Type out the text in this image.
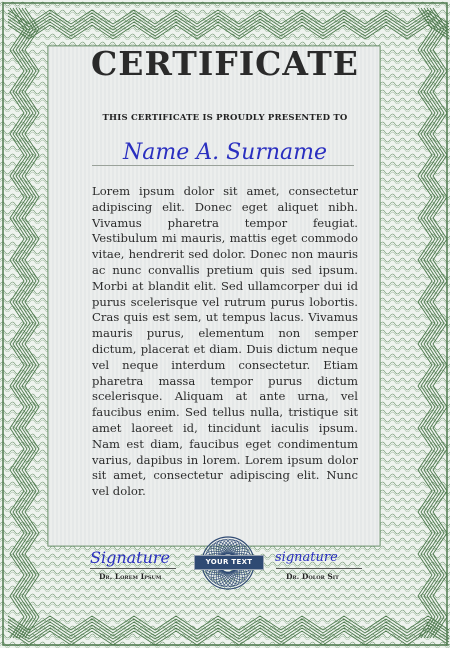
CERTIFICATE
THIS CERTIFICATE IS PROUDLY PRESENTED TO
Name A. Surname
Lorem ipsum dolor sit amet, consectetur adipiscing elit. Donec eget aliquet nibh. Vivamus pharetra tempor feugiat. Vestibulum mi mauris, mattis eget commodo vitae, hendrerit sed dolor. Donec non mauris ac nunc convallis pretium quis sed ipsum. Morbi at blandit elit. Sed ullamcorper dui id purus scelerisque vel rutrum purus lobortis. Cras quis est sem, ut tempus lacus. Vivamus mauris purus, elementum non semper dictum, placerat et diam. Duis dictum neque vel neque interdum consectetur. Etiam pharetra massa tempor purus dictum scelerisque. Aliquam at ante urna, vel faucibus enim. Sed tellus nulla, tristique sit amet laoreet id, tincidunt iaculis ipsum. Nam est diam, faucibus eget condimentum varius, dapibus in lorem. Lorem ipsum dolor sit amet, consectetur adipiscing elit. Nunc vel dolor.
Signature
Dr. Lorem Ipsum
YOUR TEXT	signature
Dr. Dolor Sit
